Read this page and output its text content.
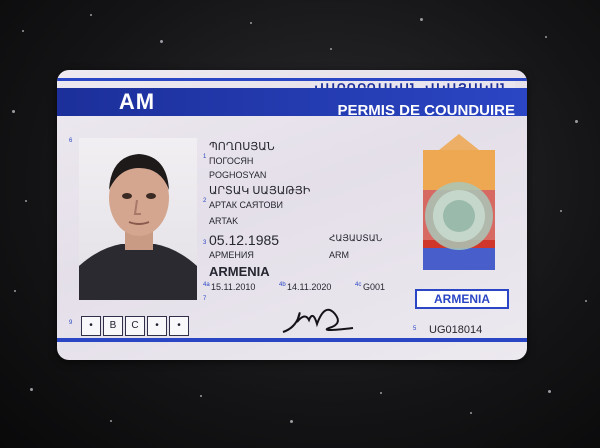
AM	PERMIS DE COUNDUIRE
6
1
2
3
4a	4b	4c
7
9
5
ՊՈՂՈՍՅԱՆ
ПОГОСЯН
POGHOSYAN
ԱՐՏԱԿ ՍԱՅԱԹՅԻ
АРТАК САЯТОВИ
ARTAK
05.12.1985	ՀԱՅԱՍՏԱՆ
АРМЕНИЯ	ARM
ARMENIA
15.11.2010	14.11.2020	G001
•	B	C	•	•
ARMENIA
UG018014
